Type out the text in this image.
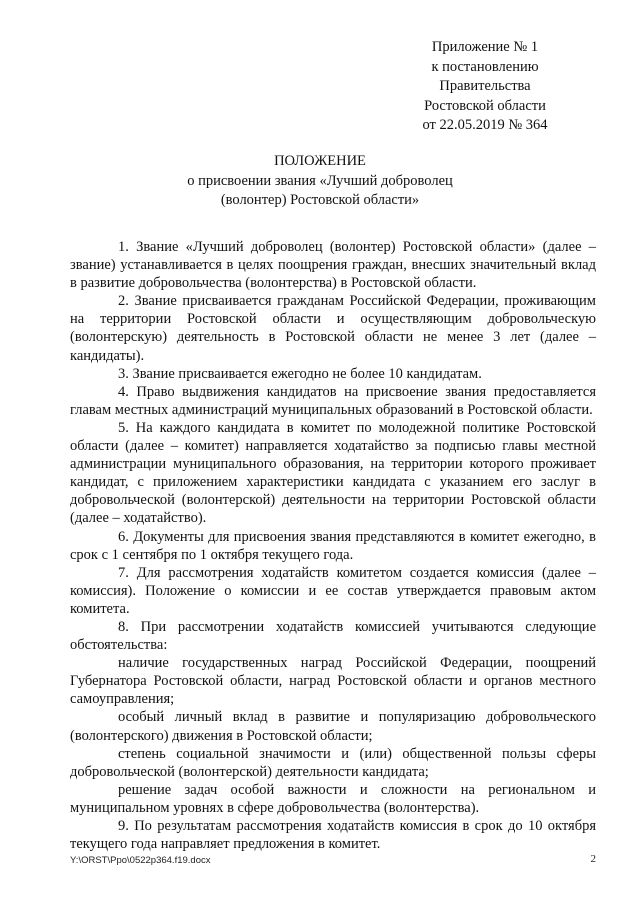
Приложение № 1
к постановлению
Правительства
Ростовской области
от 22.05.2019 № 364
ПОЛОЖЕНИЕ
о присвоении звания «Лучший доброволец
(волонтер) Ростовской области»

1. Звание «Лучший доброволец (волонтер) Ростовской области» (далее – звание) устанавливается в целях поощрения граждан, внесших значительный вклад в развитие добровольчества (волонтерства) в Ростовской области.

2. Звание присваивается гражданам Российской Федерации, проживающим на территории Ростовской области и осуществляющим добровольческую (волонтерскую) деятельность в Ростовской области не менее 3 лет (далее – кандидаты).

3. Звание присваивается ежегодно не более 10 кандидатам.

4. Право выдвижения кандидатов на присвоение звания предоставляется главам местных администраций муниципальных образований в Ростовской области.

5. На каждого кандидата в комитет по молодежной политике Ростовской области (далее – комитет) направляется ходатайство за подписью главы местной администрации муниципального образования, на территории которого проживает кандидат, с приложением характеристики кандидата с указанием его заслуг в добровольческой (волонтерской) деятельности на территории Ростовской области (далее – ходатайство).

6. Документы для присвоения звания представляются в комитет ежегодно, в срок с 1 сентября по 1 октября текущего года.

7. Для рассмотрения ходатайств комитетом создается комиссия (далее – комиссия). Положение о комиссии и ее состав утверждается правовым актом комитета.

8. При рассмотрении ходатайств комиссией учитываются следующие обстоятельства:

наличие государственных наград Российской Федерации, поощрений Губернатора Ростовской области, наград Ростовской области и органов местного самоуправления;

особый личный вклад в развитие и популяризацию добровольческого (волонтерского) движения в Ростовской области;

степень социальной значимости и (или) общественной пользы сферы добровольческой (волонтерской) деятельности кандидата;

решение задач особой важности и сложности на региональном и муниципальном уровнях в сфере добровольчества (волонтерства).

9. По результатам рассмотрения ходатайств комиссия в срок до 10 октября текущего года направляет предложения в комитет.

Y:\ORST\Ppo\0522p364.f19.docx	2
